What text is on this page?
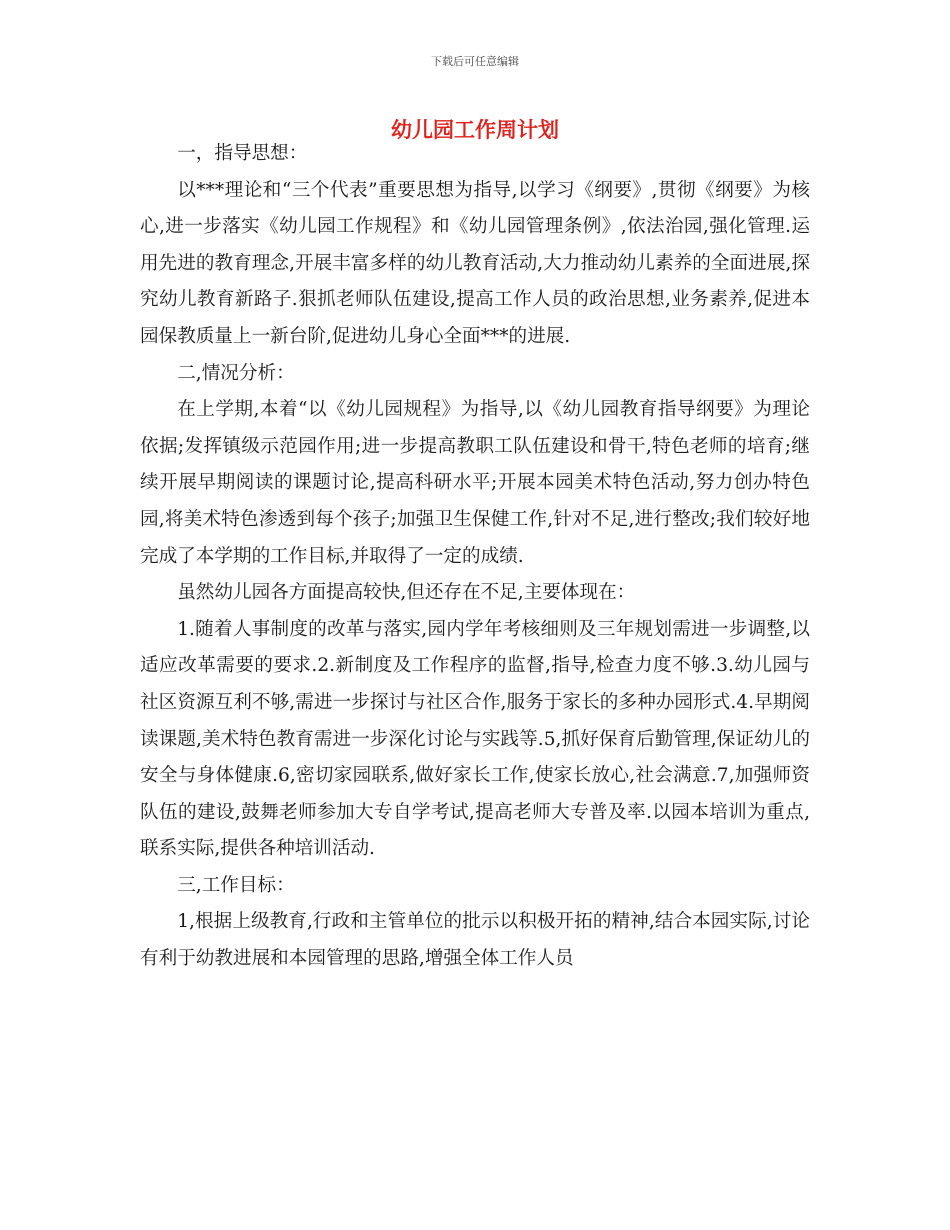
下载后可任意编辑
幼儿园工作周计划

一，指导思想：

以***理论和“三个代表”重要思想为指导,以学习《纲要》,贯彻《纲要》为核心,进一步落实《幼儿园工作规程》和《幼儿园管理条例》,依法治园,强化管理.运用先进的教育理念,开展丰富多样的幼儿教育活动,大力推动幼儿素养的全面进展,探究幼儿教育新路子.狠抓老师队伍建设,提高工作人员的政治思想,业务素养,促进本园保教质量上一新台阶,促进幼儿身心全面***的进展.

二,情况分析：

在上学期,本着“以《幼儿园规程》为指导,以《幼儿园教育指导纲要》为理论依据;发挥镇级示范园作用;进一步提高教职工队伍建设和骨干,特色老师的培育;继续开展早期阅读的课题讨论,提高科研水平;开展本园美术特色活动,努力创办特色园,将美术特色渗透到每个孩子;加强卫生保健工作,针对不足,进行整改;我们较好地完成了本学期的工作目标,并取得了一定的成绩.

虽然幼儿园各方面提高较快,但还存在不足,主要体现在：

1.随着人事制度的改革与落实,园内学年考核细则及三年规划需进一步调整,以适应改革需要的要求.2.新制度及工作程序的监督,指导,检查力度不够.3.幼儿园与社区资源互利不够,需进一步探讨与社区合作,服务于家长的多种办园形式.4.早期阅读课题,美术特色教育需进一步深化讨论与实践等.5,抓好保育后勤管理,保证幼儿的安全与身体健康.6,密切家园联系,做好家长工作,使家长放心,社会满意.7,加强师资队伍的建设,鼓舞老师参加大专自学考试,提高老师大专普及率.以园本培训为重点,联系实际,提供各种培训活动.

三,工作目标：

1,根据上级教育,行政和主管单位的批示以积极开拓的精神,结合本园实际,讨论有利于幼教进展和本园管理的思路,增强全体工作人员
